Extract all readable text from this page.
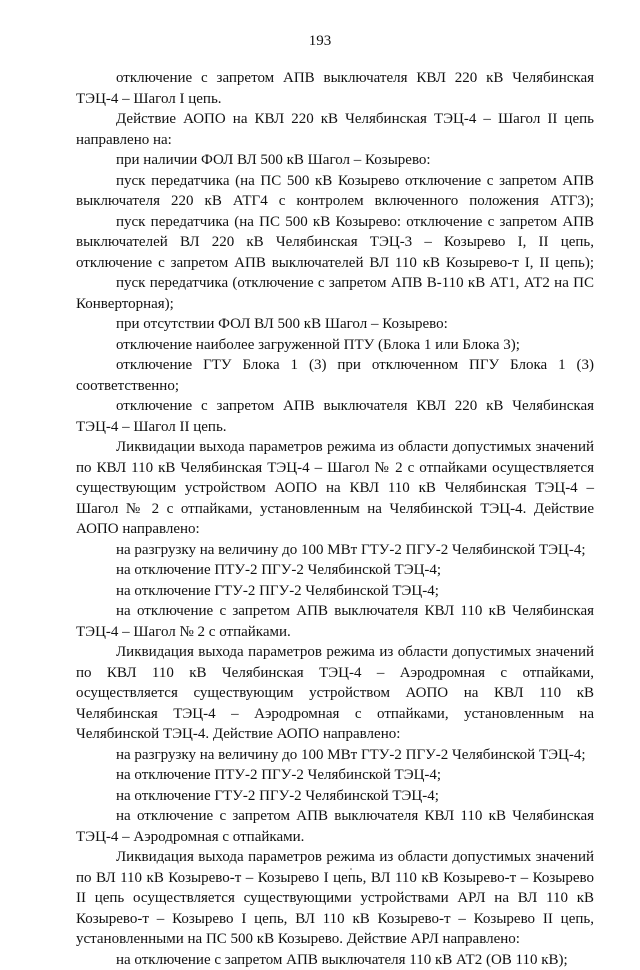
193
отключение с запретом АПВ выключателя КВЛ 220 кВ Челябинская
ТЭЦ-4 – Шагол I цепь.
Действие АОПО на КВЛ 220 кВ Челябинская ТЭЦ-4 – Шагол II цепь
направлено на:
при наличии ФОЛ ВЛ 500 кВ Шагол – Козырево:
пуск передатчика (на ПС 500 кВ Козырево отключение с запретом АПВ
выключателя 220 кВ АТГ4 с контролем включенного положения АТГ3);
пуск передатчика (на ПС 500 кВ Козырево: отключение с запретом АПВ
выключателей ВЛ 220 кВ Челябинская ТЭЦ-3 – Козырево I, II цепь,
отключение с запретом АПВ выключателей ВЛ 110 кВ Козырево-т I, II цепь);
пуск передатчика (отключение с запретом АПВ В-110 кВ АТ1, АТ2 на ПС
Конверторная);
при отсутствии ФОЛ ВЛ 500 кВ Шагол – Козырево:
отключение наиболее загруженной ПТУ (Блока 1 или Блока 3);
отключение ГТУ Блока 1 (3) при отключенном ПГУ Блока 1 (3)
соответственно;
отключение с запретом АПВ выключателя КВЛ 220 кВ Челябинская
ТЭЦ-4 – Шагол II цепь.
Ликвидации выхода параметров режима из области допустимых значений
по КВЛ 110 кВ Челябинская ТЭЦ-4 – Шагол № 2 с отпайками осуществляется
существующим устройством АОПО на КВЛ 110 кВ Челябинская ТЭЦ-4 –
Шагол № 2 с отпайками, установленным на Челябинской ТЭЦ-4. Действие
АОПО направлено:
на разгрузку на величину до 100 МВт ГТУ-2 ПГУ-2 Челябинской ТЭЦ-4;
на отключение ПТУ-2 ПГУ-2 Челябинской ТЭЦ-4;
на отключение ГТУ-2 ПГУ-2 Челябинской ТЭЦ-4;
на отключение с запретом АПВ выключателя КВЛ 110 кВ Челябинская
ТЭЦ-4 – Шагол № 2 с отпайками.
Ликвидация выхода параметров режима из области допустимых значений
по КВЛ 110 кВ Челябинская ТЭЦ-4 – Аэродромная с отпайками,
осуществляется существующим устройством АОПО на КВЛ 110 кВ
Челябинская ТЭЦ-4 – Аэродромная с отпайками, установленным на
Челябинской ТЭЦ-4. Действие АОПО направлено:
на разгрузку на величину до 100 МВт ГТУ-2 ПГУ-2 Челябинской ТЭЦ-4;
на отключение ПТУ-2 ПГУ-2 Челябинской ТЭЦ-4;
на отключение ГТУ-2 ПГУ-2 Челябинской ТЭЦ-4;
на отключение с запретом АПВ выключателя КВЛ 110 кВ Челябинская
ТЭЦ-4 – Аэродромная с отпайками.
Ликвидация выхода параметров режима из области допустимых значений
по ВЛ 110 кВ Козырево-т – Козырево I цепь, ВЛ 110 кВ Козырево-т – Козырево
II цепь осуществляется существующими устройствами АРЛ на ВЛ 110 кВ
Козырево-т – Козырево I цепь, ВЛ 110 кВ Козырево-т – Козырево II цепь,
установленными на ПС 500 кВ Козырево. Действие АРЛ направлено:
на отключение с запретом АПВ выключателя 110 кВ АТ2 (ОВ 110 кВ);
